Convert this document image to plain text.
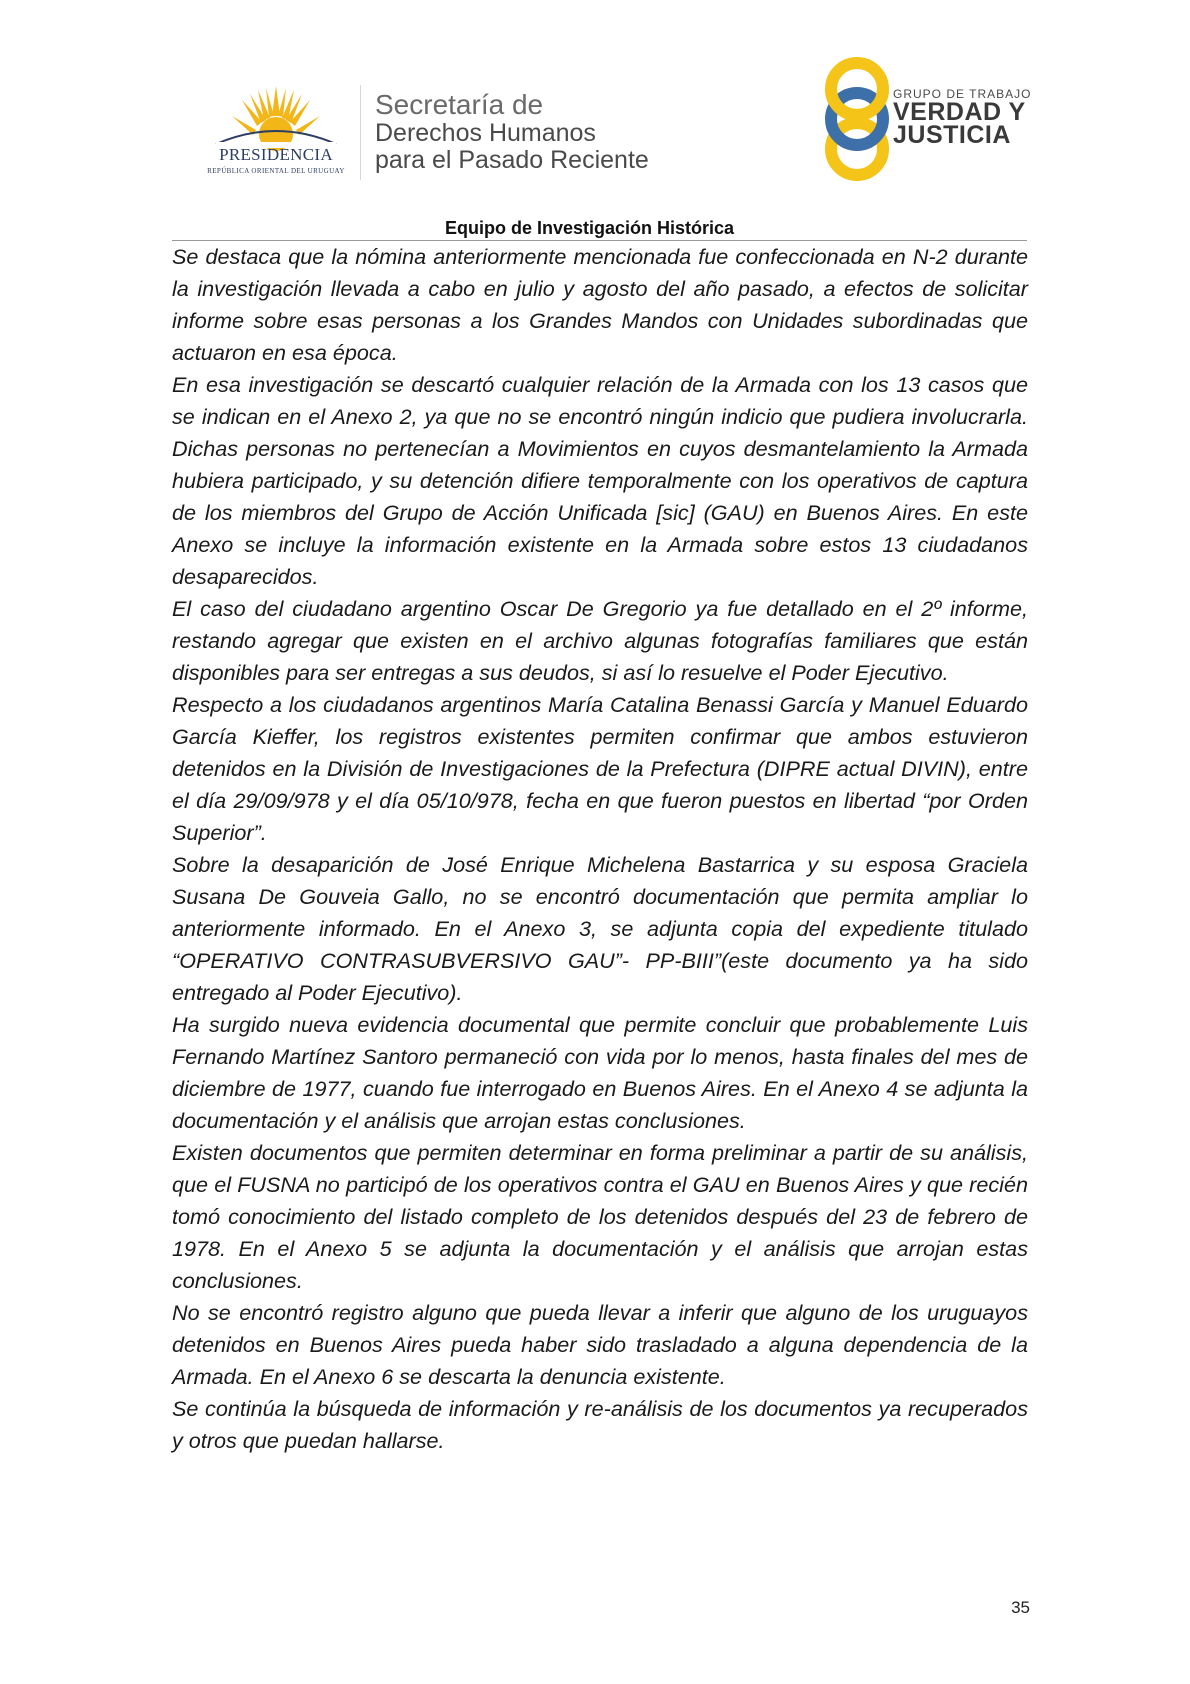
PRESIDENCIA
REPÚBLICA ORIENTAL DEL URUGUAY
Secretaría de
Derechos Humanos
para el Pasado Reciente
GRUPO DE TRABAJO
VERDAD Y
JUSTICIA
Equipo de Investigación Histórica

Se destaca que la nómina anteriormente mencionada fue confeccionada en N-2 durante la investigación llevada a cabo en julio y agosto del año pasado, a efectos de solicitar informe sobre esas personas a los Grandes Mandos con Unidades subordinadas que actuaron en esa época.

En esa investigación se descartó cualquier relación de la Armada con los 13 casos que se indican en el Anexo 2, ya que no se encontró ningún indicio que pudiera involucrarla. Dichas personas no pertenecían a Movimientos en cuyos desmantelamiento la Armada hubiera participado, y su detención difiere temporalmente con los operativos de captura de los miembros del Grupo de Acción Unificada [sic] (GAU) en Buenos Aires. En este Anexo se incluye la información existente en la Armada sobre estos 13 ciudadanos desaparecidos.

El caso del ciudadano argentino Oscar De Gregorio ya fue detallado en el 2º informe, restando agregar que existen en el archivo algunas fotografías familiares que están disponibles para ser entregas a sus deudos, si así lo resuelve el Poder Ejecutivo.

Respecto a los ciudadanos argentinos María Catalina Benassi García y Manuel Eduardo García Kieffer, los registros existentes permiten confirmar que ambos estuvieron detenidos en la División de Investigaciones de la Prefectura (DIPRE actual DIVIN), entre el día 29/09/978 y el día 05/10/978, fecha en que fueron puestos en libertad “por Orden Superior”.

Sobre la desaparición de José Enrique Michelena Bastarrica y su esposa Graciela Susana De Gouveia Gallo, no se encontró documentación que permita ampliar lo anteriormente informado. En el Anexo 3, se adjunta copia del expediente titulado “OPERATIVO CONTRASUBVERSIVO GAU”- PP-BIII”(este documento ya ha sido entregado al Poder Ejecutivo).

Ha surgido nueva evidencia documental que permite concluir que probablemente Luis Fernando Martínez Santoro permaneció con vida por lo menos, hasta finales del mes de diciembre de 1977, cuando fue interrogado en Buenos Aires. En el Anexo 4 se adjunta la documentación y el análisis que arrojan estas conclusiones.

Existen documentos que permiten determinar en forma preliminar a partir de su análisis, que el FUSNA no participó de los operativos contra el GAU en Buenos Aires y que recién tomó conocimiento del listado completo de los detenidos después del 23 de febrero de 1978. En el Anexo 5 se adjunta la documentación y el análisis que arrojan estas conclusiones.

No se encontró registro alguno que pueda llevar a inferir que alguno de los uruguayos detenidos en Buenos Aires pueda haber sido trasladado a alguna dependencia de la Armada. En el Anexo 6 se descarta la denuncia existente.

Se continúa la búsqueda de información y re-análisis de los documentos ya recuperados y otros que puedan hallarse.

35
